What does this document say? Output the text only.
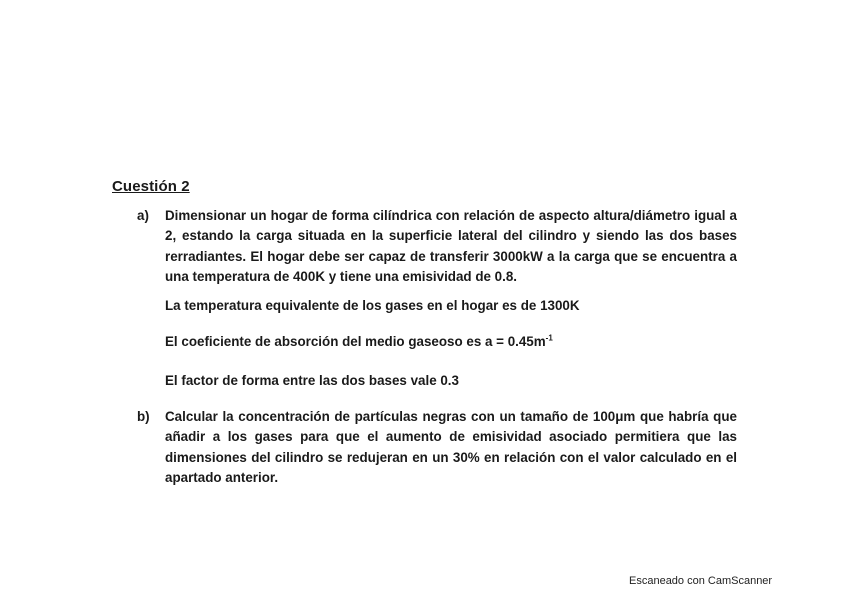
Cuestión 2
a) Dimensionar un hogar de forma cilíndrica con relación de aspecto altura/diámetro igual a 2, estando la carga situada en la superficie lateral del cilindro y siendo las dos bases rerradiantes. El hogar debe ser capaz de transferir 3000kW a la carga que se encuentra a una temperatura de 400K y tiene una emisividad de 0.8.
La temperatura equivalente de los gases en el hogar es de 1300K
El coeficiente de absorción del medio gaseoso es $a = 0.45m^{-1}$
El factor de forma entre las dos bases vale 0.3
b) Calcular la concentración de partículas negras con un tamaño de 100μm que habría que añadir a los gases para que el aumento de emisividad asociado permitiera que las dimensiones del cilindro se redujeran en un 30% en relación con el valor calculado en el apartado anterior.
Escaneado con CamScanner
